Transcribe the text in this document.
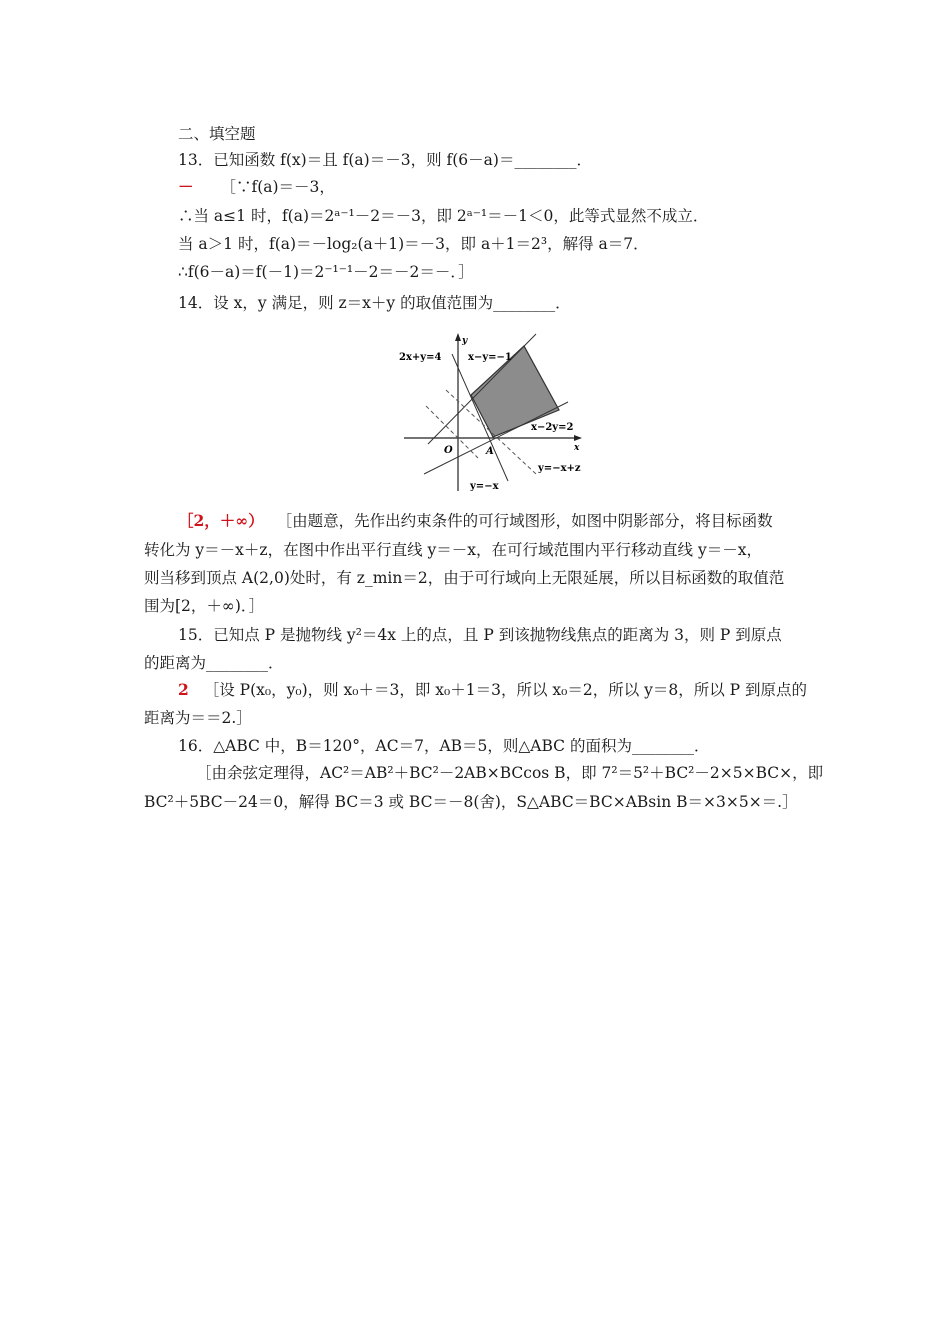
二、填空题
13．已知函数 f(x)＝且 f(a)＝－3，则 f(6－a)＝________．
－ ［∵f(a)＝－3，
∴当 a≤1 时，f(a)＝2ᵃ⁻¹－2＝－3，即 2ᵃ⁻¹＝－1＜0，此等式显然不成立．
当 a＞1 时，f(a)＝－log₂(a＋1)＝－3，即 a＋1＝2³，解得 a＝7．
∴f(6－a)＝f(－1)＝2⁻¹⁻¹－2＝－2＝－．］
14．设 x，y 满足，则 z＝x＋y 的取值范围为________．
2x+y=4	x−y=−1
x−2y=2
y=−x+z
y=−x
x
y
O	A
［2，＋∞） ［由题意，先作出约束条件的可行域图形，如图中阴影部分，将目标函数
转化为 y＝－x＋z，在图中作出平行直线 y＝－x，在可行域范围内平行移动直线 y＝－x，
则当移到顶点 A(2,0)处时，有 z_min＝2，由于可行域向上无限延展，所以目标函数的取值范
围为[2，＋∞)．］
15．已知点 P 是抛物线 y²＝4x 上的点，且 P 到该抛物线焦点的距离为 3，则 P 到原点
的距离为________．
2 ［设 P(x₀，y₀)，则 x₀＋＝3，即 x₀＋1＝3，所以 x₀＝2，所以 y＝8，所以 P 到原点的
距离为＝＝2.］
16．△ABC 中，B＝120°，AC＝7，AB＝5，则△ABC 的面积为________．
［由余弦定理得，AC²＝AB²＋BC²－2AB×BCcos B，即 7²＝5²＋BC²－2×5×BC×，即
BC²＋5BC－24＝0，解得 BC＝3 或 BC＝－8(舍)，S△ABC＝BC×ABsin B＝×3×5×＝.］
